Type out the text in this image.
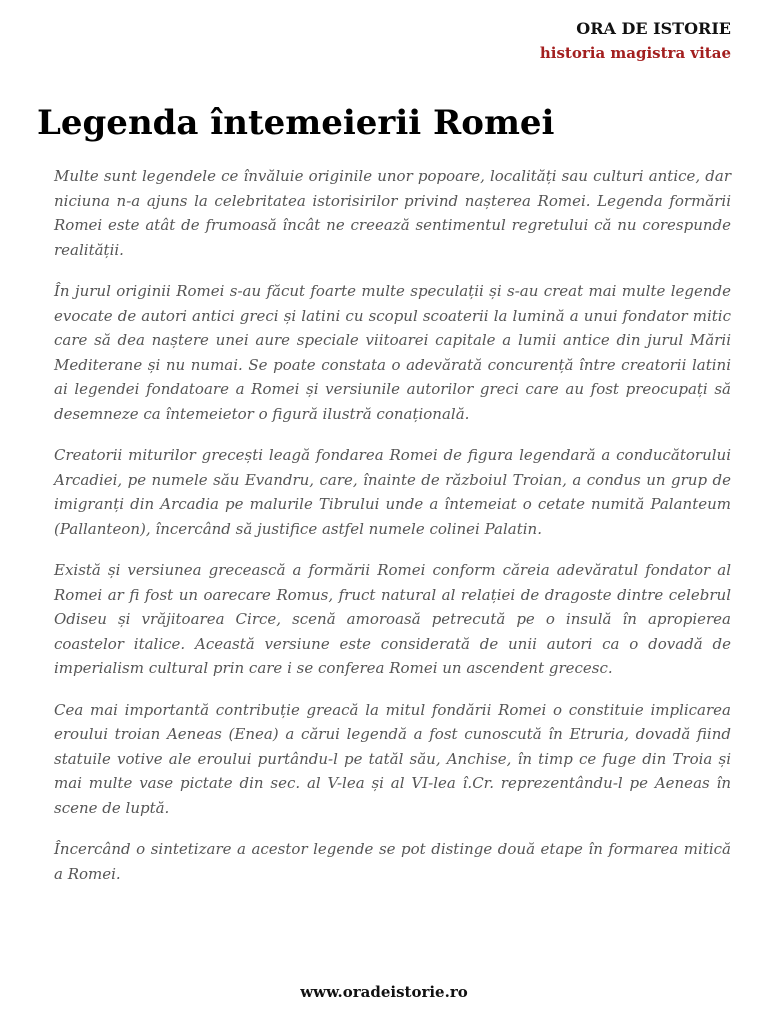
ORA DE ISTORIE
historia magistra vitae
Legenda întemeierii Romei

Multe sunt legendele ce învăluie originile unor popoare, localități sau culturi antice, dar niciuna n-a ajuns la celebritatea istorisirilor privind nașterea Romei. Legenda formării Romei este atât de frumoasă încât ne creează sentimentul regretului că nu corespunde realității.

În jurul originii Romei s-au făcut foarte multe speculații și s-au creat mai multe legende evocate de autori antici greci și latini cu scopul scoaterii la lumină a unui fondator mitic care să dea naștere unei aure speciale viitoarei capitale a lumii antice din jurul Mării Mediterane și nu numai. Se poate constata o adevărată concurență între creatorii latini ai legendei fondatoare a Romei și versiunile autorilor greci care au fost preocupați să desemneze ca întemeietor o figură ilustră conațională.

Creatorii miturilor grecești leagă fondarea Romei de figura legendară a conducătorului Arcadiei, pe numele său Evandru, care, înainte de războiul Troian, a condus un grup de imigranți din Arcadia pe malurile Tibrului unde a întemeiat o cetate numită Palanteum (Pallanteon), încercând să justifice astfel numele colinei Palatin.

Există și versiunea grecească a formării Romei conform căreia adevăratul fondator al Romei ar fi fost un oarecare Romus, fruct natural al relației de dragoste dintre celebrul Odiseu și vrăjitoarea Circe, scenă amoroasă petrecută pe o insulă în apropierea coastelor italice. Această versiune este considerată de unii autori ca o dovadă de imperialism cultural prin care i se conferea Romei un ascendent grecesc.

Cea mai importantă contribuție greacă la mitul fondării Romei o constituie implicarea eroului troian Aeneas (Enea) a cărui legendă a fost cunoscută în Etruria, dovadă fiind statuile votive ale eroului purtându-l pe tatăl său, Anchise, în timp ce fuge din Troia și mai multe vase pictate din sec. al V-lea și al VI-lea î.Cr. reprezentându-l pe Aeneas în scene de luptă.

Încercând o sintetizare a acestor legende se pot distinge două etape în formarea mitică a Romei.

www.oradeistorie.ro
